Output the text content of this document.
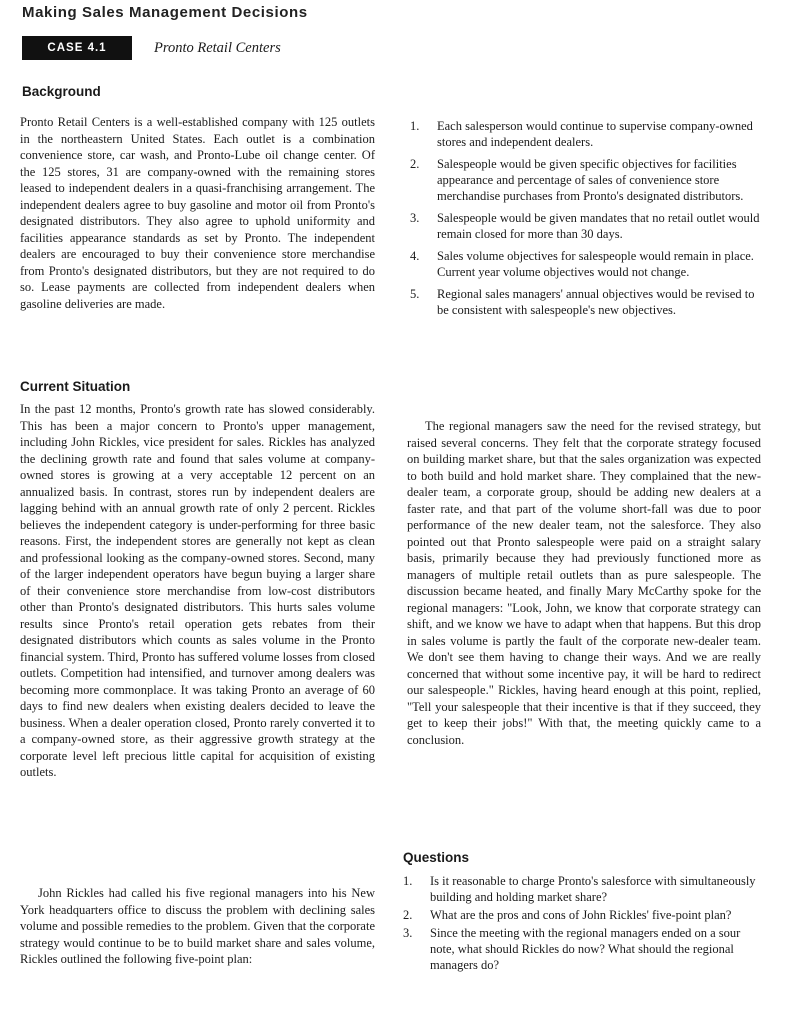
Making Sales Management Decisions
CASE 4.1	Pronto Retail Centers
Background

Pronto Retail Centers is a well-established company with 125 outlets in the northeastern United States. Each outlet is a combination convenience store, car wash, and Pronto-Lube oil change center. Of the 125 stores, 31 are company-owned with the remaining stores leased to independent dealers in a quasi-franchising arrangement. The independent dealers agree to buy gasoline and motor oil from Pronto's designated distributors. They also agree to uphold uniformity and facilities appearance standards as set by Pronto. The independent dealers are encouraged to buy their convenience store merchandise from Pronto's designated distributors, but they are not required to do so. Lease payments are collected from independent dealers when gasoline deliveries are made.

Current Situation

In the past 12 months, Pronto's growth rate has slowed considerably. This has been a major concern to Pronto's upper management, including John Rickles, vice president for sales. Rickles has analyzed the declining growth rate and found that sales volume at company-owned stores is growing at a very acceptable 12 percent on an annualized basis. In contrast, stores run by independent dealers are lagging behind with an annual growth rate of only 2 percent. Rickles believes the independent category is under-performing for three basic reasons. First, the independent stores are generally not kept as clean and professional looking as the company-owned stores. Second, many of the larger independent operators have begun buying a larger share of their convenience store merchandise from low-cost distributors other than Pronto's designated distributors. This hurts sales volume results since Pronto's retail operation gets rebates from their designated distributors which counts as sales volume in the Pronto financial system. Third, Pronto has suffered volume losses from closed outlets. Competition had intensified, and turnover among dealers was becoming more commonplace. It was taking Pronto an average of 60 days to find new dealers when existing dealers decided to leave the business. When a dealer operation closed, Pronto rarely converted it to a company-owned store, as their aggressive growth strategy at the corporate level left precious little capital for acquisition of existing outlets.

John Rickles had called his five regional managers into his New York headquarters office to discuss the problem with declining sales volume and possible remedies to the problem. Given that the corporate strategy would continue to be to build market share and sales volume, Rickles outlined the following five-point plan:

1. Each salesperson would continue to supervise company-owned stores and independent dealers.
2. Salespeople would be given specific objectives for facilities appearance and percentage of sales of convenience store merchandise purchases from Pronto's designated distributors.
3. Salespeople would be given mandates that no retail outlet would remain closed for more than 30 days.
4. Sales volume objectives for salespeople would remain in place. Current year volume objectives would not change.
5. Regional sales managers' annual objectives would be revised to be consistent with salespeople's new objectives.

The regional managers saw the need for the revised strategy, but raised several concerns. They felt that the corporate strategy focused on building market share, but that the sales organization was expected to both build and hold market share. They complained that the new-dealer team, a corporate group, should be adding new dealers at a faster rate, and that part of the volume short-fall was due to poor performance of the new dealer team, not the salesforce. They also pointed out that Pronto salespeople were paid on a straight salary basis, primarily because they had previously functioned more as managers of multiple retail outlets than as pure salespeople. The discussion became heated, and finally Mary McCarthy spoke for the regional managers: "Look, John, we know that corporate strategy can shift, and we know we have to adapt when that happens. But this drop in sales volume is partly the fault of the corporate new-dealer team. We don't see them having to change their ways. And we are really concerned that without some incentive pay, it will be hard to redirect our salespeople." Rickles, having heard enough at this point, replied, "Tell your salespeople that their incentive is that if they succeed, they get to keep their jobs!" With that, the meeting quickly came to a conclusion.

Questions
1. Is it reasonable to charge Pronto's salesforce with simultaneously building and holding market share?
2. What are the pros and cons of John Rickles' five-point plan?
3. Since the meeting with the regional managers ended on a sour note, what should Rickles do now? What should the regional managers do?
